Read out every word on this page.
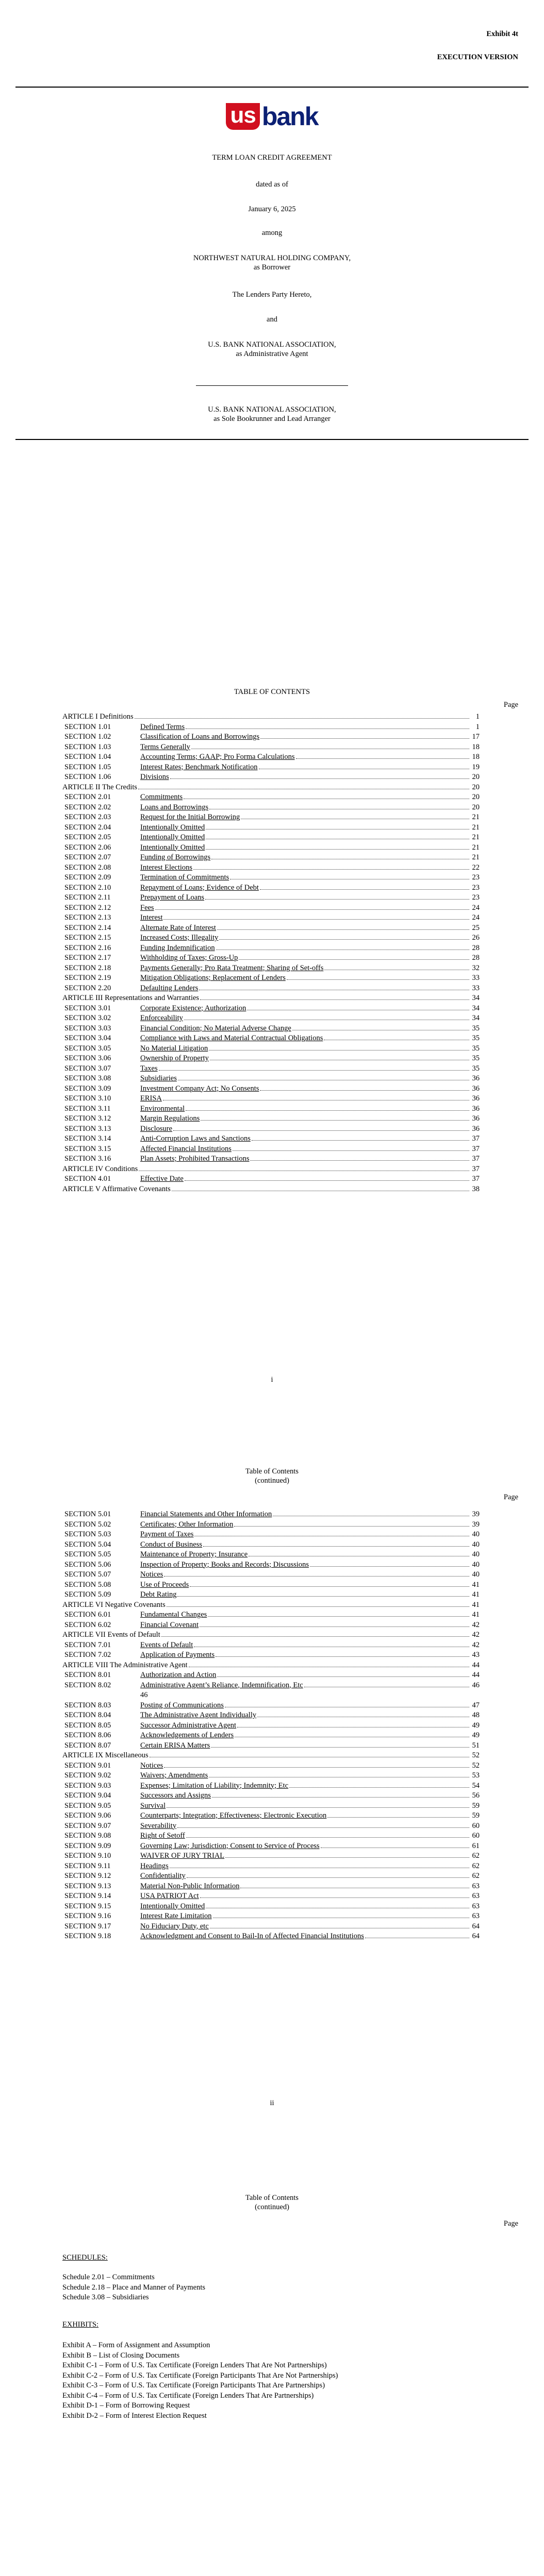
Exhibit 4t
EXECUTION VERSION
us bank
TERM LOAN CREDIT AGREEMENT
dated as of
January 6, 2025
among
NORTHWEST NATURAL HOLDING COMPANY,
as Borrower
The Lenders Party Hereto,
and
U.S. BANK NATIONAL ASSOCIATION,
as Administrative Agent
U.S. BANK NATIONAL ASSOCIATION,
as Sole Bookrunner and Lead Arranger
TABLE OF CONTENTS
Page
ARTICLE I Definitions	1
SECTION 1.01	Defined Terms	1
SECTION 1.02	Classification of Loans and Borrowings	17
SECTION 1.03	Terms Generally	18
SECTION 1.04	Accounting Terms; GAAP; Pro Forma Calculations	18
SECTION 1.05	Interest Rates; Benchmark Notification	19
SECTION 1.06	Divisions	20
ARTICLE II The Credits	20
SECTION 2.01	Commitments	20
SECTION 2.02	Loans and Borrowings	20
SECTION 2.03	Request for the Initial Borrowing	21
SECTION 2.04	Intentionally Omitted	21
SECTION 2.05	Intentionally Omitted	21
SECTION 2.06	Intentionally Omitted	21
SECTION 2.07	Funding of Borrowings	21
SECTION 2.08	Interest Elections	22
SECTION 2.09	Termination of Commitments	23
SECTION 2.10	Repayment of Loans; Evidence of Debt	23
SECTION 2.11	Prepayment of Loans	23
SECTION 2.12	Fees	24
SECTION 2.13	Interest	24
SECTION 2.14	Alternate Rate of Interest	25
SECTION 2.15	Increased Costs; Illegality	26
SECTION 2.16	Funding Indemnification	28
SECTION 2.17	Withholding of Taxes; Gross-Up	28
SECTION 2.18	Payments Generally; Pro Rata Treatment; Sharing of Set-offs	32
SECTION 2.19	Mitigation Obligations; Replacement of Lenders	33
SECTION 2.20	Defaulting Lenders	33
ARTICLE III Representations and Warranties	34
SECTION 3.01	Corporate Existence; Authorization	34
SECTION 3.02	Enforceability	34
SECTION 3.03	Financial Condition; No Material Adverse Change	35
SECTION 3.04	Compliance with Laws and Material Contractual Obligations	35
SECTION 3.05	No Material Litigation	35
SECTION 3.06	Ownership of Property	35
SECTION 3.07	Taxes	35
SECTION 3.08	Subsidiaries	36
SECTION 3.09	Investment Company Act; No Consents	36
SECTION 3.10	ERISA	36
SECTION 3.11	Environmental	36
SECTION 3.12	Margin Regulations	36
SECTION 3.13	Disclosure	36
SECTION 3.14	Anti-Corruption Laws and Sanctions	37
SECTION 3.15	Affected Financial Institutions	37
SECTION 3.16	Plan Assets; Prohibited Transactions	37
ARTICLE IV Conditions	37
SECTION 4.01	Effective Date	37
ARTICLE V Affirmative Covenants	38
i
Table of Contents
(continued)
Page
SECTION 5.01	Financial Statements and Other Information	39
SECTION 5.02	Certificates; Other Information	39
SECTION 5.03	Payment of Taxes	40
SECTION 5.04	Conduct of Business	40
SECTION 5.05	Maintenance of Property; Insurance	40
SECTION 5.06	Inspection of Property; Books and Records; Discussions	40
SECTION 5.07	Notices	40
SECTION 5.08	Use of Proceeds	41
SECTION 5.09	Debt Rating	41
ARTICLE VI Negative Covenants	41
SECTION 6.01	Fundamental Changes	41
SECTION 6.02	Financial Covenant	42
ARTICLE VII Events of Default	42
SECTION 7.01	Events of Default	42
SECTION 7.02	Application of Payments	43
ARTICLE VIII The Administrative Agent	44
SECTION 8.01	Authorization and Action	44
SECTION 8.02	Administrative Agent’s Reliance, Indemnification, Etc	46
46
SECTION 8.03	Posting of Communications	47
SECTION 8.04	The Administrative Agent Individually	48
SECTION 8.05	Successor Administrative Agent	49
SECTION 8.06	Acknowledgements of Lenders	49
SECTION 8.07	Certain ERISA Matters	51
ARTICLE IX Miscellaneous	52
SECTION 9.01	Notices	52
SECTION 9.02	Waivers; Amendments	53
SECTION 9.03	Expenses; Limitation of Liability; Indemnity; Etc	54
SECTION 9.04	Successors and Assigns	56
SECTION 9.05	Survival	59
SECTION 9.06	Counterparts; Integration; Effectiveness; Electronic Execution	59
SECTION 9.07	Severability	60
SECTION 9.08	Right of Setoff	60
SECTION 9.09	Governing Law; Jurisdiction; Consent to Service of Process	61
SECTION 9.10	WAIVER OF JURY TRIAL	62
SECTION 9.11	Headings	62
SECTION 9.12	Confidentiality	62
SECTION 9.13	Material Non-Public Information	63
SECTION 9.14	USA PATRIOT Act	63
SECTION 9.15	Intentionally Omitted	63
SECTION 9.16	Interest Rate Limitation	63
SECTION 9.17	No Fiduciary Duty, etc	64
SECTION 9.18	Acknowledgment and Consent to Bail-In of Affected Financial Institutions	64
ii
Table of Contents
(continued)
Page
SCHEDULES:
Schedule 2.01 – Commitments
Schedule 2.18 – Place and Manner of Payments
Schedule 3.08 – Subsidiaries
EXHIBITS:
Exhibit A – Form of Assignment and Assumption
Exhibit B – List of Closing Documents
Exhibit C-1 – Form of U.S. Tax Certificate (Foreign Lenders That Are Not Partnerships)
Exhibit C-2 – Form of U.S. Tax Certificate (Foreign Participants That Are Not Partnerships)
Exhibit C-3 – Form of U.S. Tax Certificate (Foreign Participants That Are Partnerships)
Exhibit C-4 – Form of U.S. Tax Certificate (Foreign Lenders That Are Partnerships)
Exhibit D-1 – Form of Borrowing Request
Exhibit D-2 – Form of Interest Election Request
